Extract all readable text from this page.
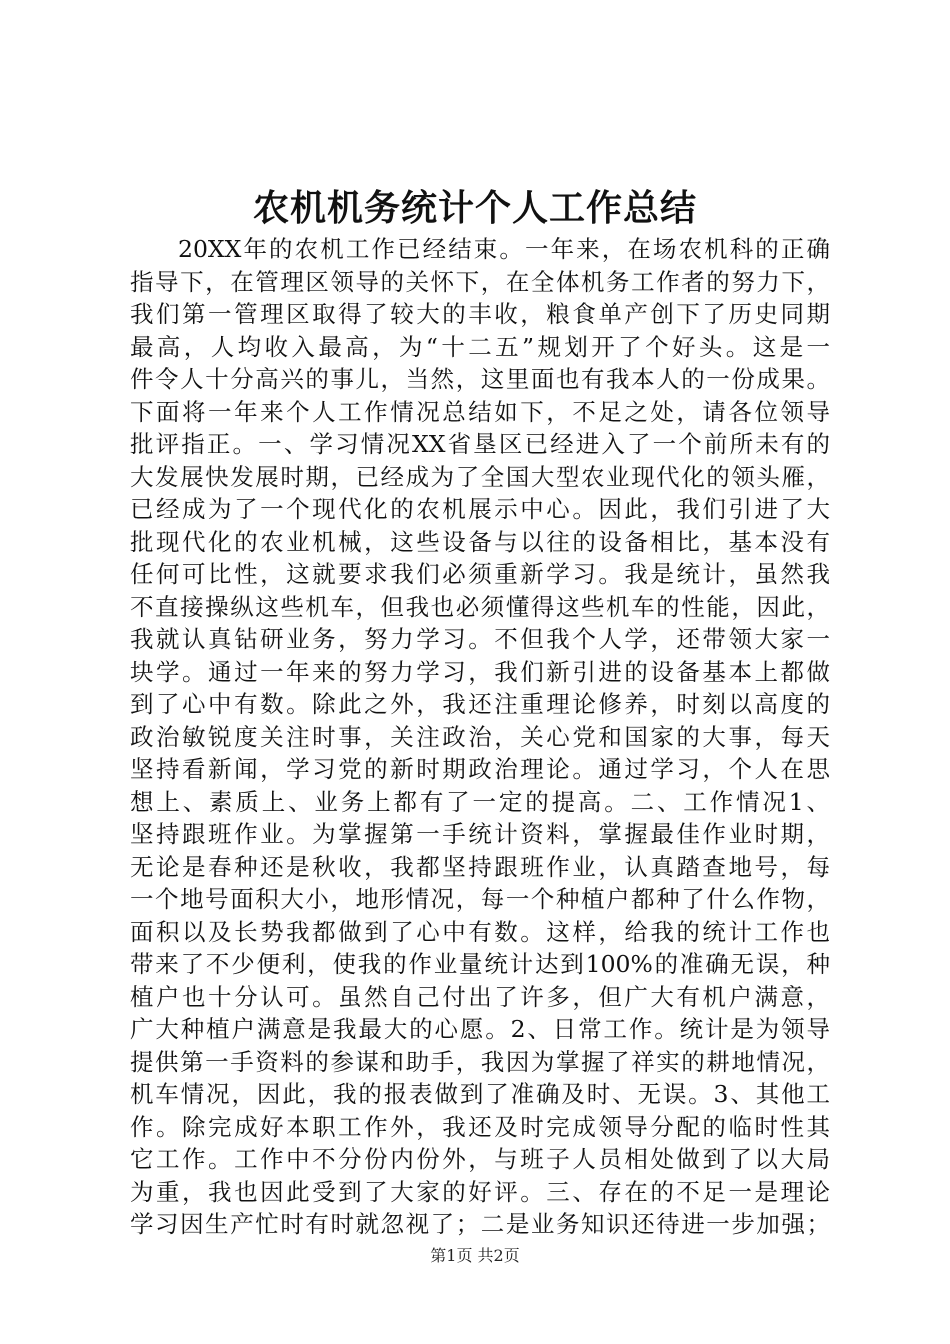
农机机务统计个人工作总结
20XX年的农机工作已经结束。一年来，在场农机科的正确
指导下，在管理区领导的关怀下，在全体机务工作者的努力下，
我们第一管理区取得了较大的丰收，粮食单产创下了历史同期
最高，人均收入最高，为“十二五”规划开了个好头。这是一
件令人十分高兴的事儿，当然，这里面也有我本人的一份成果。
下面将一年来个人工作情况总结如下，不足之处，请各位领导
批评指正。一、学习情况XX省垦区已经进入了一个前所未有的
大发展快发展时期，已经成为了全国大型农业现代化的领头雁，
已经成为了一个现代化的农机展示中心。因此，我们引进了大
批现代化的农业机械，这些设备与以往的设备相比，基本没有
任何可比性，这就要求我们必须重新学习。我是统计，虽然我
不直接操纵这些机车，但我也必须懂得这些机车的性能，因此，
我就认真钻研业务，努力学习。不但我个人学，还带领大家一
块学。通过一年来的努力学习，我们新引进的设备基本上都做
到了心中有数。除此之外，我还注重理论修养，时刻以高度的
政治敏锐度关注时事，关注政治，关心党和国家的大事，每天
坚持看新闻，学习党的新时期政治理论。通过学习，个人在思
想上、素质上、业务上都有了一定的提高。二、工作情况1、
坚持跟班作业。为掌握第一手统计资料，掌握最佳作业时期，
无论是春种还是秋收，我都坚持跟班作业，认真踏查地号，每
一个地号面积大小，地形情况，每一个种植户都种了什么作物，
面积以及长势我都做到了心中有数。这样，给我的统计工作也
带来了不少便利，使我的作业量统计达到100%的准确无误，种
植户也十分认可。虽然自己付出了许多，但广大有机户满意，
广大种植户满意是我最大的心愿。2、日常工作。统计是为领导
提供第一手资料的参谋和助手，我因为掌握了祥实的耕地情况，
机车情况，因此，我的报表做到了准确及时、无误。3、其他工
作。除完成好本职工作外，我还及时完成领导分配的临时性其
它工作。工作中不分份内份外，与班子人员相处做到了以大局
为重，我也因此受到了大家的好评。三、存在的不足一是理论
学习因生产忙时有时就忽视了；二是业务知识还待进一步加强；
第1页 共2页
